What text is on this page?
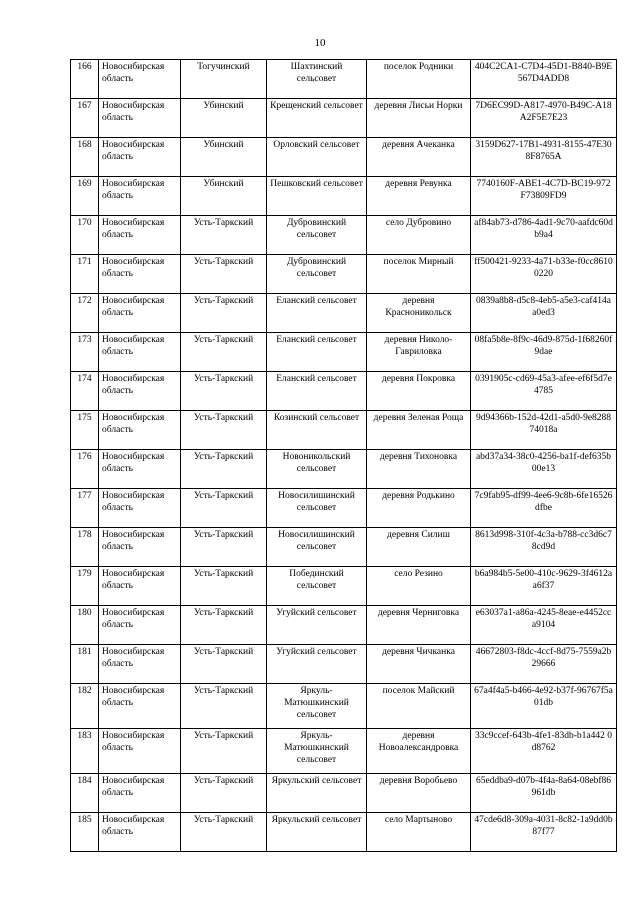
10
166	Новосибирская область	Тогучинский	Шахтинский сельсовет	поселок Родники	404C2CA1-C7D4-45D1-B840-B9E567D4ADD8
167	Новосибирская область	Убинский	Крещенский сельсовет	деревня Лисьи Норки	7D6EC99D-A817-4970-B49C-A18A2F5E7E23
168	Новосибирская область	Убинский	Орловский сельсовет	деревня Ачеканка	3159D627-17B1-4931-8155-47E308F8765A
169	Новосибирская область	Убинский	Пешковский сельсовет	деревня Ревунка	7740160F-ABE1-4C7D-BC19-972F73809FD9
170	Новосибирская область	Усть-Таркский	Дубровинский сельсовет	село Дубровино	af84ab73-d786-4ad1-9c70-aafdc60db9a4
171	Новосибирская область	Усть-Таркский	Дубровинский сельсовет	поселок Мирный	ff500421-9233-4a71-b33e-f0cc86100220
172	Новосибирская область	Усть-Таркский	Еланский сельсовет	деревня Красноникольск	0839a8b8-d5c8-4eb5-a5e3-caf414aa0ed3
173	Новосибирская область	Усть-Таркский	Еланский сельсовет	деревня Николо-Гавриловка	08fa5b8e-8f9c-46d9-875d-1f68260f9dae
174	Новосибирская область	Усть-Таркский	Еланский сельсовет	деревня Покровка	0391905c-cd69-45a3-afee-ef6f5d7e4785
175	Новосибирская область	Усть-Таркский	Козинский сельсовет	деревня Зеленая Роща	9d94366b-152d-42d1-a5d0-9e828874018a
176	Новосибирская область	Усть-Таркский	Новоникольский сельсовет	деревня Тихоновка	abd37a34-38c0-4256-ba1f-def635b00e13
177	Новосибирская область	Усть-Таркский	Новосилишинский сельсовет	деревня Родькино	7c9fab95-df99-4ee6-9c8b-6fe16526dfbe
178	Новосибирская область	Усть-Таркский	Новосилишинский сельсовет	деревня Силиш	8613d998-310f-4c3a-b788-cc3d6c78cd9d
179	Новосибирская область	Усть-Таркский	Побединский сельсовет	село Резино	b6a984b5-5e00-410c-9629-3f4612aa6f37
180	Новосибирская область	Усть-Таркский	Угуйский сельсовет	деревня Черниговка	e63037a1-a86a-4245-8eae-e4452cca9104
181	Новосибирская область	Усть-Таркский	Угуйский сельсовет	деревня Чичканка	46672803-f8dc-4ccf-8d75-7559a2b29666
182	Новосибирская область	Усть-Таркский	Яркуль-Матюшкинский сельсовет	поселок Майский	67a4f4a5-b466-4e92-b37f-96767f5a01db
183	Новосибирская область	Усть-Таркский	Яркуль-Матюшкинский сельсовет	деревня Новоалександровка	33c9ccef-643b-4fe1-83db-b1a442 0d8762
184	Новосибирская область	Усть-Таркский	Яркульский сельсовет	деревня Воробьево	65eddba9-d07b-4f4a-8a64-08ebf86961db
185	Новосибирская область	Усть-Таркский	Яркульский сельсовет	село Мартыново	47cde6d8-309a-4031-8c82-1a9dd0b87f77
